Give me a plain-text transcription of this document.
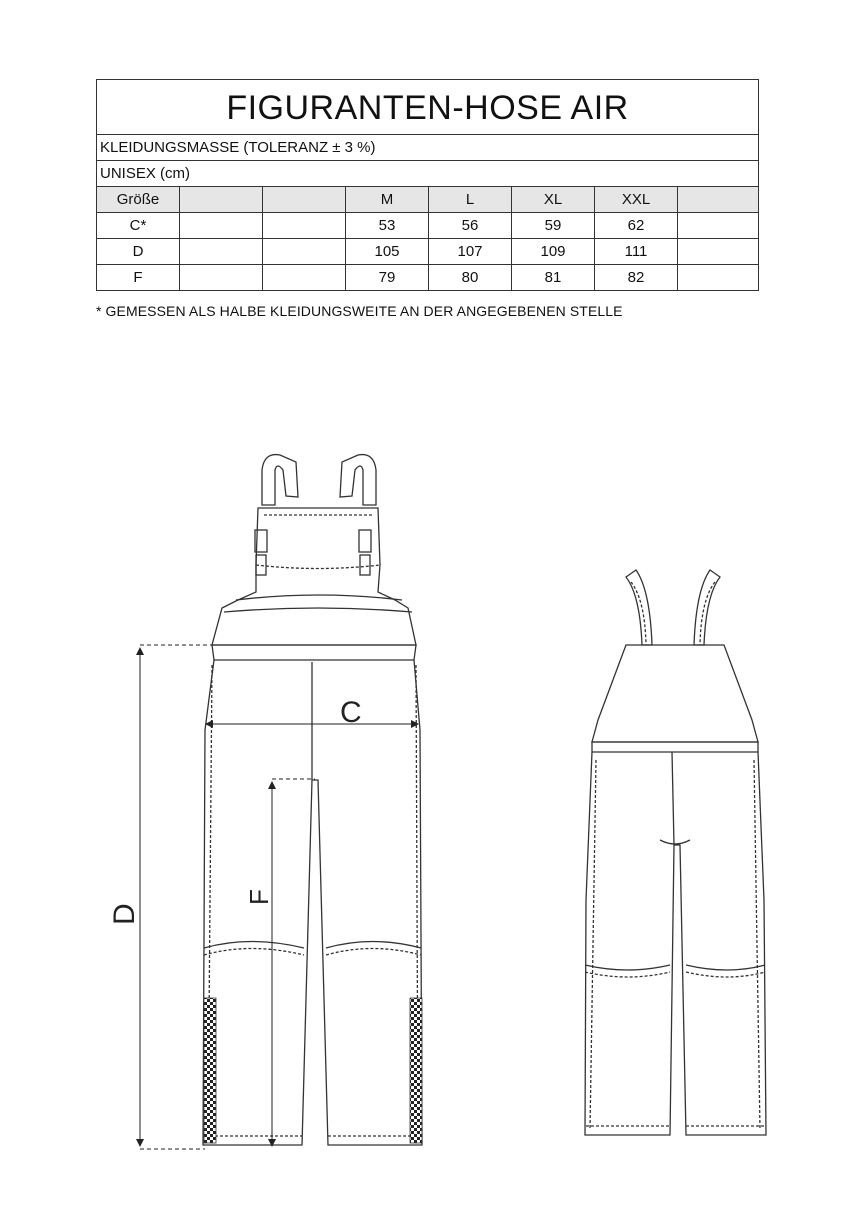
FIGURANTEN-HOSE AIR							
KLEIDUNGSMASSE (TOLERANZ ± 3 %)							
UNISEX (cm)							
Größe			M	L	XL	XXL	
C*			53	56	59	62	
D			105	107	109	111	
F			79	80	81	82	
* GEMESSEN ALS HALBE KLEIDUNGSWEITE AN DER ANGEGEBENEN STELLE
C
D
F
